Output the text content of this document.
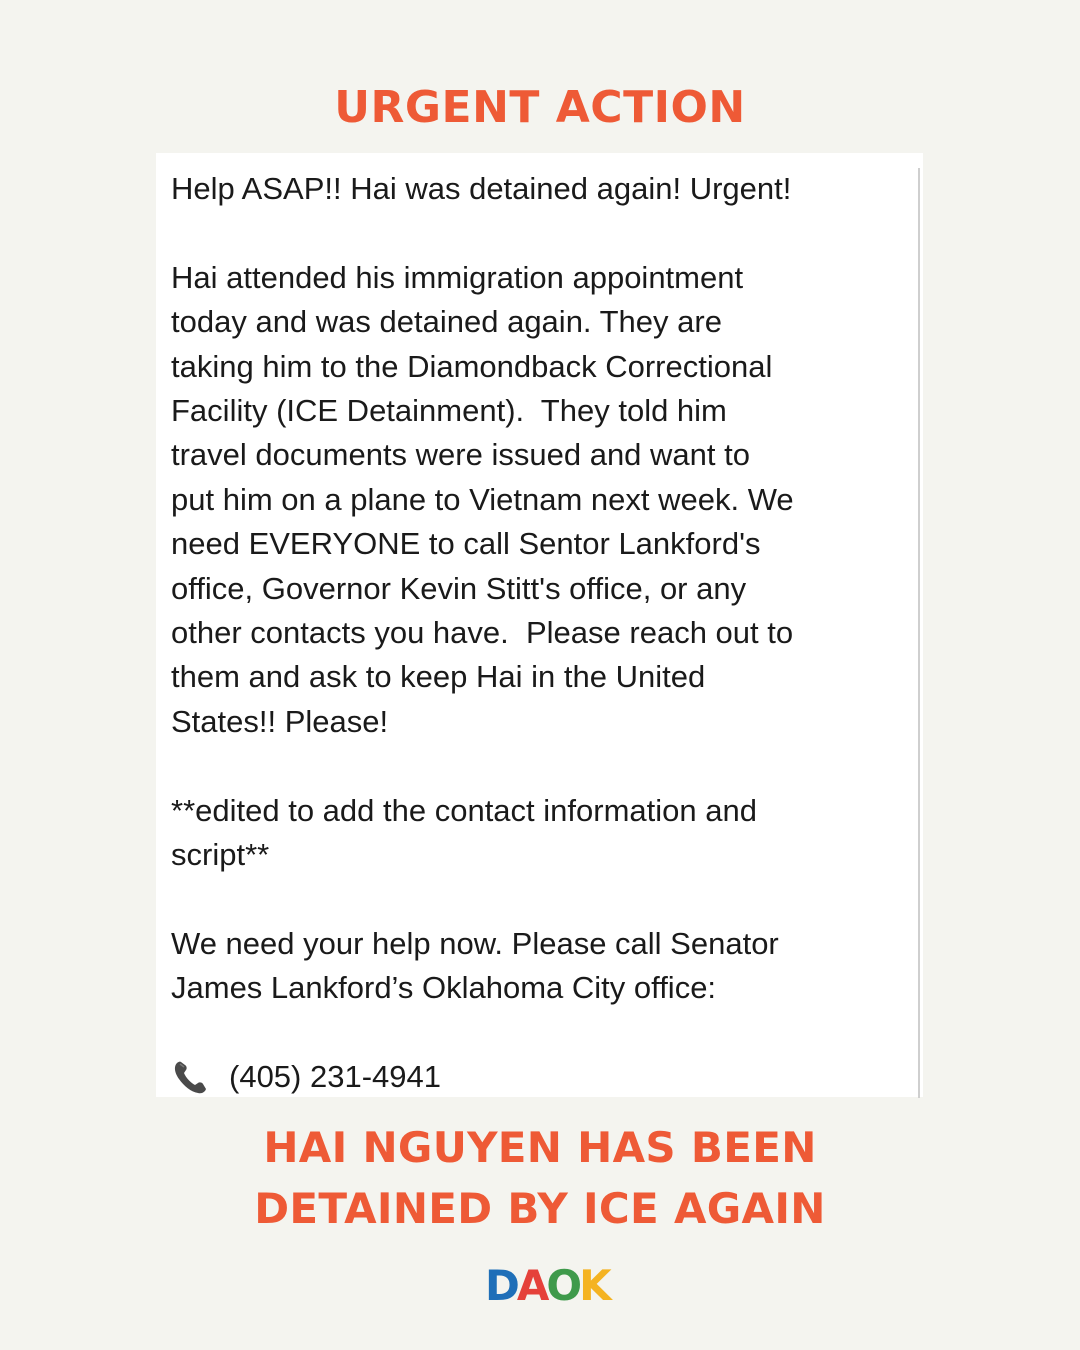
URGENT ACTION

Help ASAP!! Hai was detained again! Urgent!

Hai attended his immigration appointment

today and was detained again. They are

taking him to the Diamondback Correctional

Facility (ICE Detainment).  They told him

travel documents were issued and want to

put him on a plane to Vietnam next week. We

need EVERYONE to call Sentor Lankford's

office, Governor Kevin Stitt's office, or any

other contacts you have.  Please reach out to

them and ask to keep Hai in the United

States!! Please!

**edited to add the contact information and

script**

We need your help now. Please call Senator

James Lankford’s Oklahoma City office:

(405) 231-4941
HAI NGUYEN HAS BEEN
DETAINED BY ICE AGAIN
D A O K
